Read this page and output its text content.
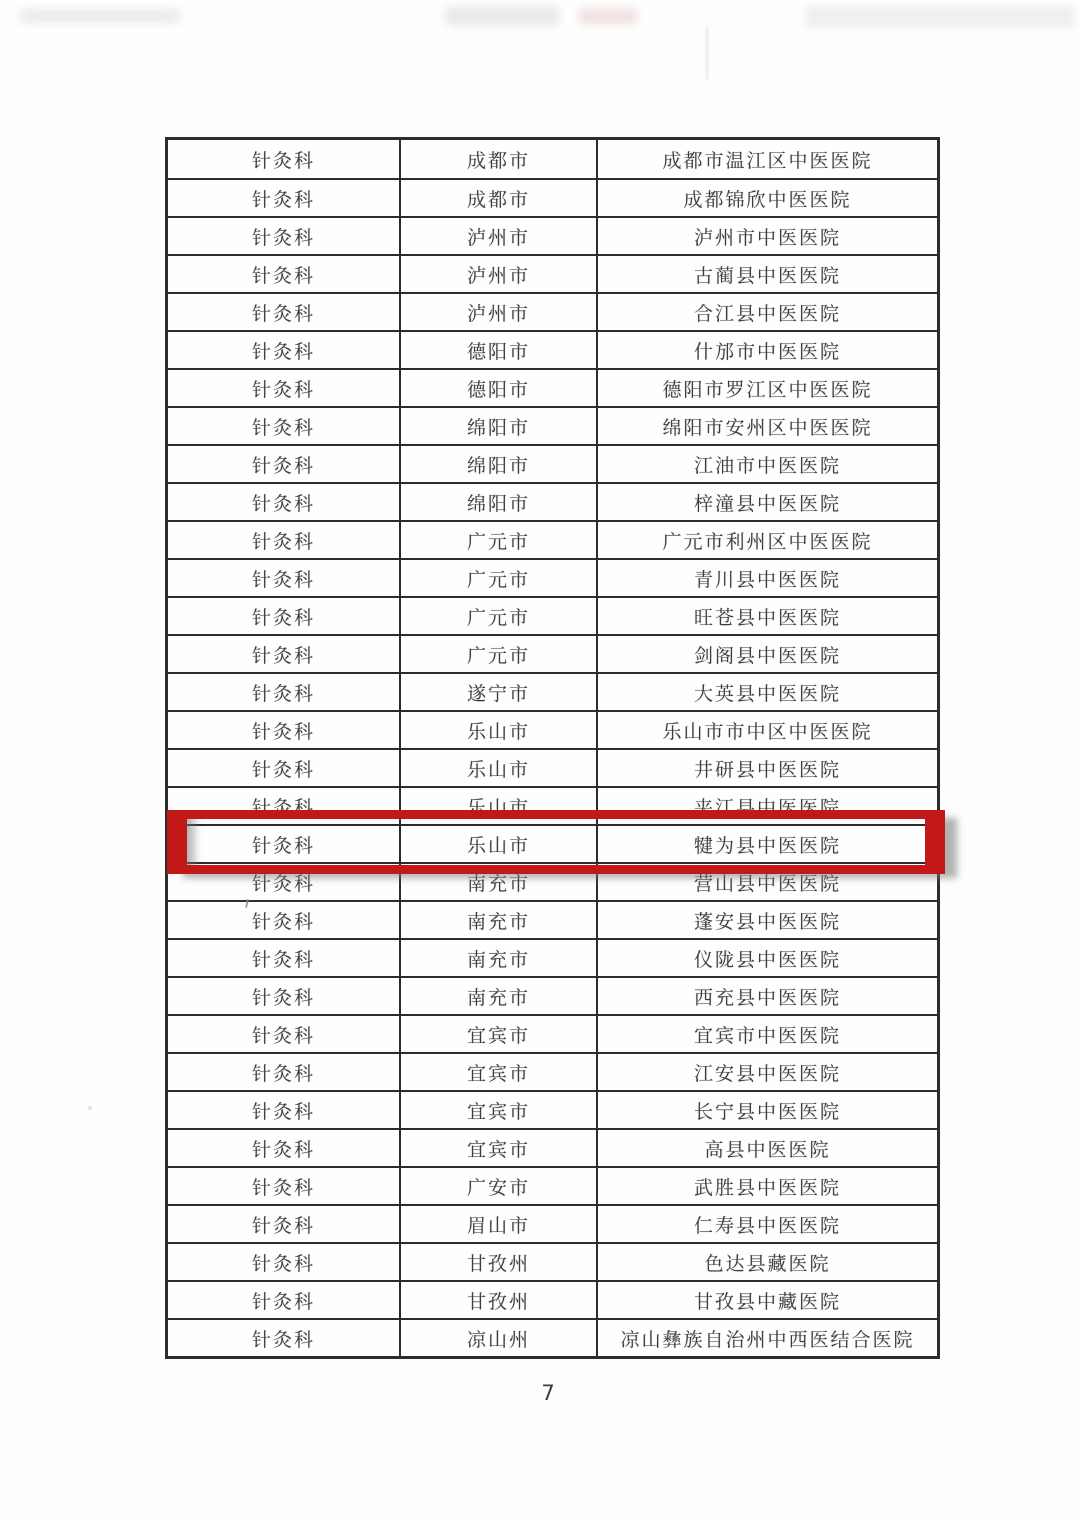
针灸科	成都市	成都市温江区中医医院
针灸科	成都市	成都锦欣中医医院
针灸科	泸州市	泸州市中医医院
针灸科	泸州市	古蔺县中医医院
针灸科	泸州市	合江县中医医院
针灸科	德阳市	什邡市中医医院
针灸科	德阳市	德阳市罗江区中医医院
针灸科	绵阳市	绵阳市安州区中医医院
针灸科	绵阳市	江油市中医医院
针灸科	绵阳市	梓潼县中医医院
针灸科	广元市	广元市利州区中医医院
针灸科	广元市	青川县中医医院
针灸科	广元市	旺苍县中医医院
针灸科	广元市	剑阁县中医医院
针灸科	遂宁市	大英县中医医院
针灸科	乐山市	乐山市市中区中医医院
针灸科	乐山市	井研县中医医院
针灸科	乐山市	夹江县中医医院
针灸科	乐山市	犍为县中医医院
针灸科	南充市	营山县中医医院
针灸科	南充市	蓬安县中医医院
针灸科	南充市	仪陇县中医医院
针灸科	南充市	西充县中医医院
针灸科	宜宾市	宜宾市中医医院
针灸科	宜宾市	江安县中医医院
针灸科	宜宾市	长宁县中医医院
针灸科	宜宾市	高县中医医院
针灸科	广安市	武胜县中医医院
针灸科	眉山市	仁寿县中医医院
针灸科	甘孜州	色达县藏医院
针灸科	甘孜州	甘孜县中藏医院
针灸科	凉山州	凉山彝族自治州中西医结合医院
7
